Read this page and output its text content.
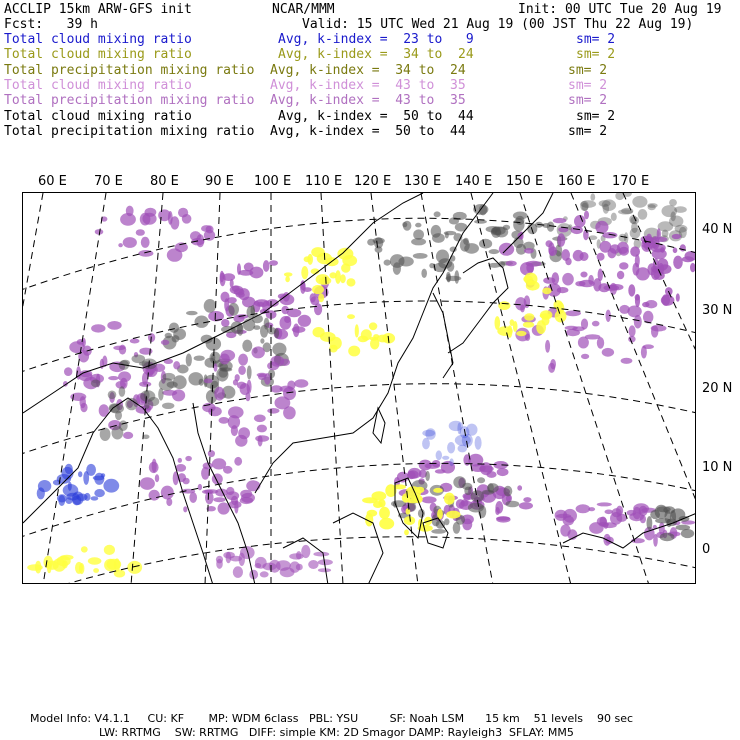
ACCLIP 15km ARW-GFS init	NCAR/MMM	Init: 00 UTC Tue 20 Aug 19
Fcst:   39 h	Valid: 15 UTC Wed 21 Aug 19 (00 JST Thu 22 Aug 19)
Total cloud mixing ratio	Avg, k-index =  23 to   9	sm= 2
Total cloud mixing ratio	Avg, k-index =  34 to  24	sm= 2
Total precipitation mixing ratio Avg, k-index =  34 to  24	sm= 2
Total cloud mixing ratio	Avg, k-index =  43 to  35	sm= 2
Total precipitation mixing ratio Avg, k-index =  43 to  35	sm= 2
Total cloud mixing ratio	Avg, k-index =  50 to  44	sm= 2
Total precipitation mixing ratio Avg, k-index =  50 to  44	sm= 2
60 E 70 E 80 E 90 E 100 E 110 E 120 E 130 E 140 E 150 E 160 E 170 E
40 N
30 N
20 N
10 N
0
Model Info: V4.1.1     CU: KF       MP: WDM 6class   PBL: YSU         SF: Noah LSM      15 km    51 levels    90 sec
LW: RRTMG    SW: RRTMG   DIFF: simple KM: 2D Smagor DAMP: Rayleigh3  SFLAY: MM5
